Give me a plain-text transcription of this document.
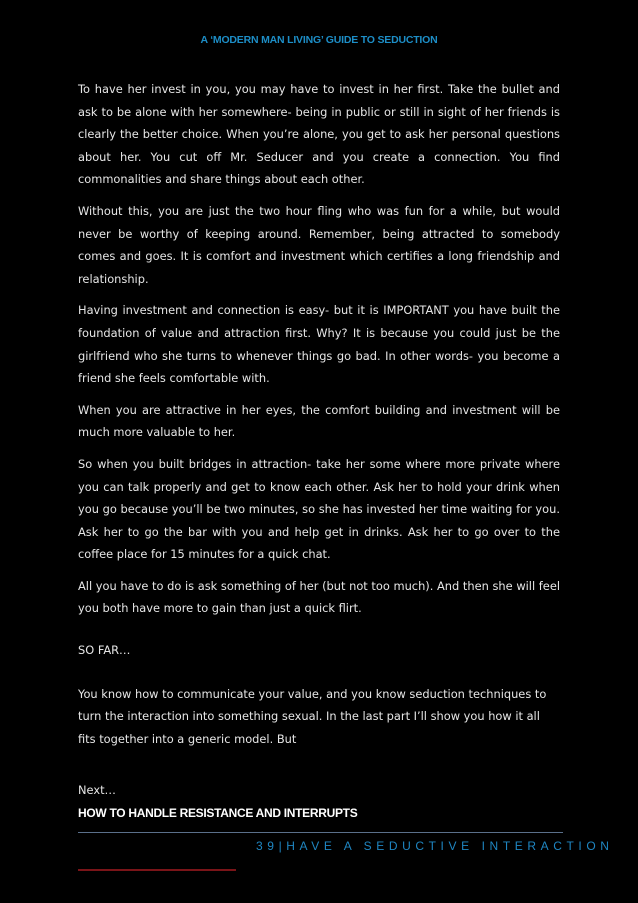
A ‘MODERN MAN LIVING’ GUIDE TO SEDUCTION

To have her invest in you, you may have to invest in her first. Take the bullet and ask to be alone with her somewhere- being in public or still in sight of her friends is clearly the better choice. When you’re alone, you get to ask her personal questions about her. You cut off Mr. Seducer and you create a connection. You find commonalities and share things about each other.

Without this, you are just the two hour fling who was fun for a while, but would never be worthy of keeping around. Remember, being attracted to somebody comes and goes. It is comfort and investment which certifies a long friendship and relationship.

Having investment and connection is easy- but it is IMPORTANT you have built the foundation of value and attraction first. Why? It is because you could just be the girlfriend who she turns to whenever things go bad. In other words- you become a friend she feels comfortable with.

When you are attractive in her eyes, the comfort building and investment will be much more valuable to her.

So when you built bridges in attraction- take her some where more private where you can talk properly and get to know each other. Ask her to hold your drink when you go because you’ll be two minutes, so she has invested her time waiting for you. Ask her to go the bar with you and help get in drinks. Ask her to go over to the coffee place for 15 minutes for a quick chat.

All you have to do is ask something of her (but not too much). And then she will feel you both have more to gain than just a quick flirt.

SO FAR…

You know how to communicate your value, and you know seduction techniques to

turn the interaction into something sexual. In the last part I’ll show you how it all

fits together into a generic model. But

Next…

HOW TO HANDLE RESISTANCE AND INTERRUPTS
39|HAVE A SEDUCTIVE INTERACTION
